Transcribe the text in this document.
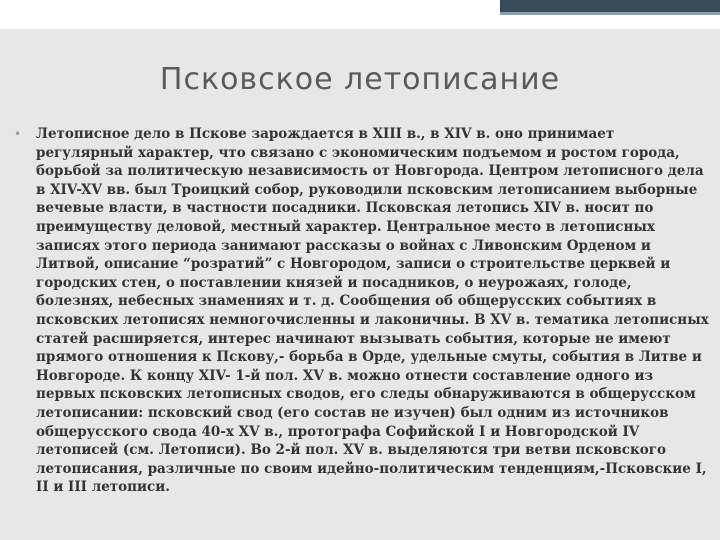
Псковское летописание
• Летописное дело в Пскове зарождается в XIII в., в XIV в. оно принимает регулярный характер, что связано с экономическим подъемом и ростом города, борьбой за политическую независимость от Новгорода. Центром летописного дела в XIV-XV вв. был Троицкий собор, руководили псковским летописанием выборные вечевые власти, в частности посадники. Псковская летопись XIV в. носит по преимуществу деловой, местный характер. Центральное место в летописных записях этого периода занимают рассказы о войнах с Ливонским Орденом и Литвой, описание “розратий” с Новгородом, записи о строительстве церквей и городских стен, о поставлении князей и посадников, о неурожаях, голоде, болезнях, небесных знамениях и т. д. Сообщения об общерусских событиях в псковских летописях немногочисленны и лаконичны. В XV в. тематика летописных статей расширяется, интерес начинают вызывать события, которые не имеют прямого отношения к Пскову,- борьба в Орде, удельные смуты, события в Литве и Новгороде. К концу XIV- 1-й пол. XV в. можно отнести составление одного из первых псковских летописных сводов, его следы обнаруживаются в общерусском летописании: псковский свод (его состав не изучен) был одним из источников общерусского свода 40-х XV в., протографа Софийской I и Новгородской IV летописей (см. Летописи). Во 2-й пол. XV в. выделяются три ветви псковского летописания, различные по своим идейно-политическим тенденциям,-Псковские I, II и III летописи.
